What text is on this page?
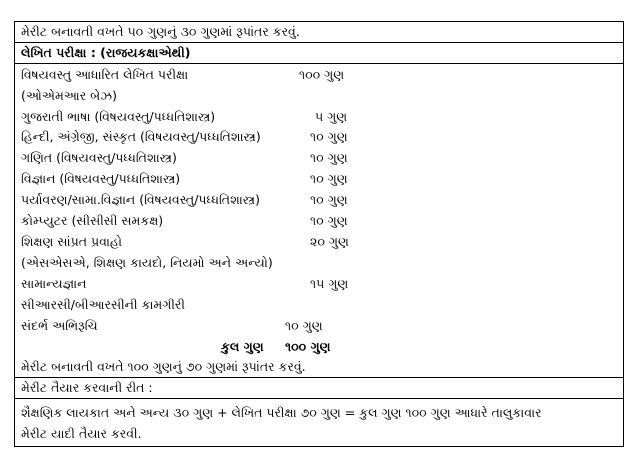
મેરીટ બનાવતી વખતે ૫૦ ગુણનું ૩૦ ગુણમાં રૂપાંતર કરવું.
લેખિત પરીક્ષા : (રાજયકક્ષાએથી)
વિષયવસ્તુ આધારિત લેખિત પરીક્ષા	૧૦૦ ગુણ
(ઓએમઆર બેઝ)
ગુજરાતી ભાષા (વિષયવસ્તુ/પધ્ધતિશાસ્ત્ર)	૫ ગુણ
હિન્દી, અંગ્રેજી, સંસ્કૃત (વિષયવસ્તુ/પધ્ધતિશાસ્ત્ર)	૧૦ ગુણ
ગણિત (વિષયવસ્તુ/પધ્ધતિશાસ્ત્ર)	૧૦ ગુણ
વિજ્ઞાન (વિષયવસ્તુ/પધ્ધતિશાસ્ત્ર)	૧૦ ગુણ
પર્યાવરણ/સામા.વિજ્ઞાન (વિષયવસ્તુ/પધ્ધતિશાસ્ત્ર)	૧૦ ગુણ
કોમ્પ્યુટર (સીસીસી સમકક્ષ)	૧૦ ગુણ
શિક્ષણ સાંપ્રત પ્રવાહો	૨૦ ગુણ
(એસએસએ, શિક્ષણ કાયદો, નિયમો અને અન્યો)
સામાન્યજ્ઞાન	૧૫ ગુણ
સીઆરસી/બીઆરસીની કામગીરી
સંદર્ભ અભિરૂચિ	૧૦ ગુણ
કુલ ગુણ ૧૦૦ ગુણ
મેરીટ બનાવતી વખતે ૧૦૦ ગુણનું ૭૦ ગુણમાં રૂપાંતર કરવું.
મેરીટ તૈયાર કરવાની રીત :
શૈક્ષણિક લાયકાત અને અન્ય ૩૦ ગુણ + લેખિત પરીક્ષા ૭૦ ગુણ = કુલ ગુણ ૧૦૦ ગુણ આધારે તાલુકાવાર
મેરીટ યાદી તૈયાર કરવી.
